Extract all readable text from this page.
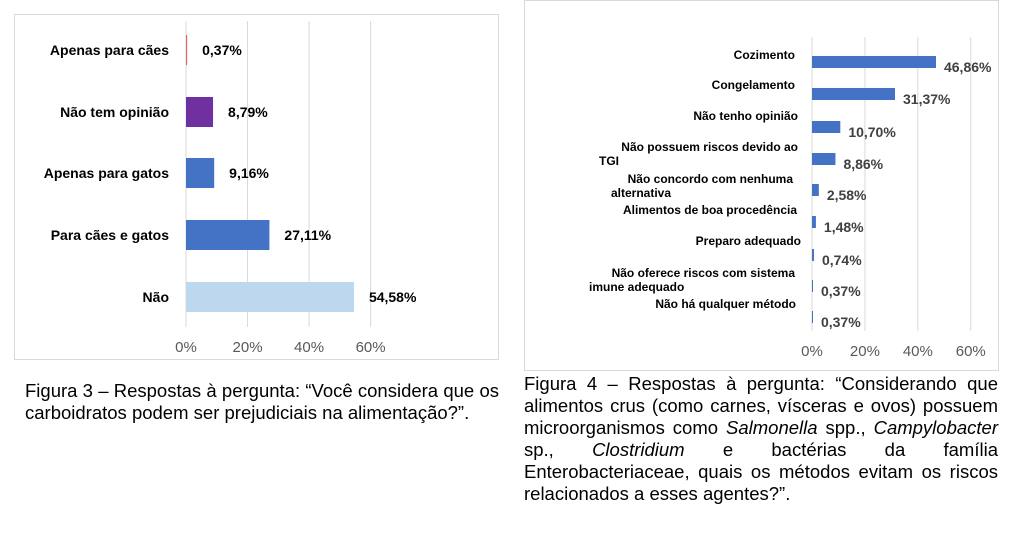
0% 20% 40% 60%
0,37%
Apenas para cães
8,79%
Não tem opinião
9,16%
Apenas para gatos
27,11%
Para cães e gatos
54,58%
Não
0% 20% 40% 60%
46,86%
Cozimento
31,37%
Congelamento
10,70%
Não tenho opinião
8,86%
Não possuem riscos devido ao
TGI
2,58%
Não concordo com nenhuma
alternativa
1,48%
Alimentos de boa procedência
0,74%
Preparo adequado
0,37%
Não oferece riscos com sistema
imune adequado
0,37%
Não há qualquer método
Figura 3 – Respostas à pergunta: “Você considera que os carboidratos podem ser prejudiciais na alimentação?”.
Figura 4 – Respostas à pergunta: “Considerando que alimentos crus (como carnes, vísceras e ovos) possuem microorganismos como Salmonella spp., Campylobacter sp., Clostridium e bactérias da família Enterobacteriaceae, quais os métodos evitam os riscos relacionados a esses agentes?”.
